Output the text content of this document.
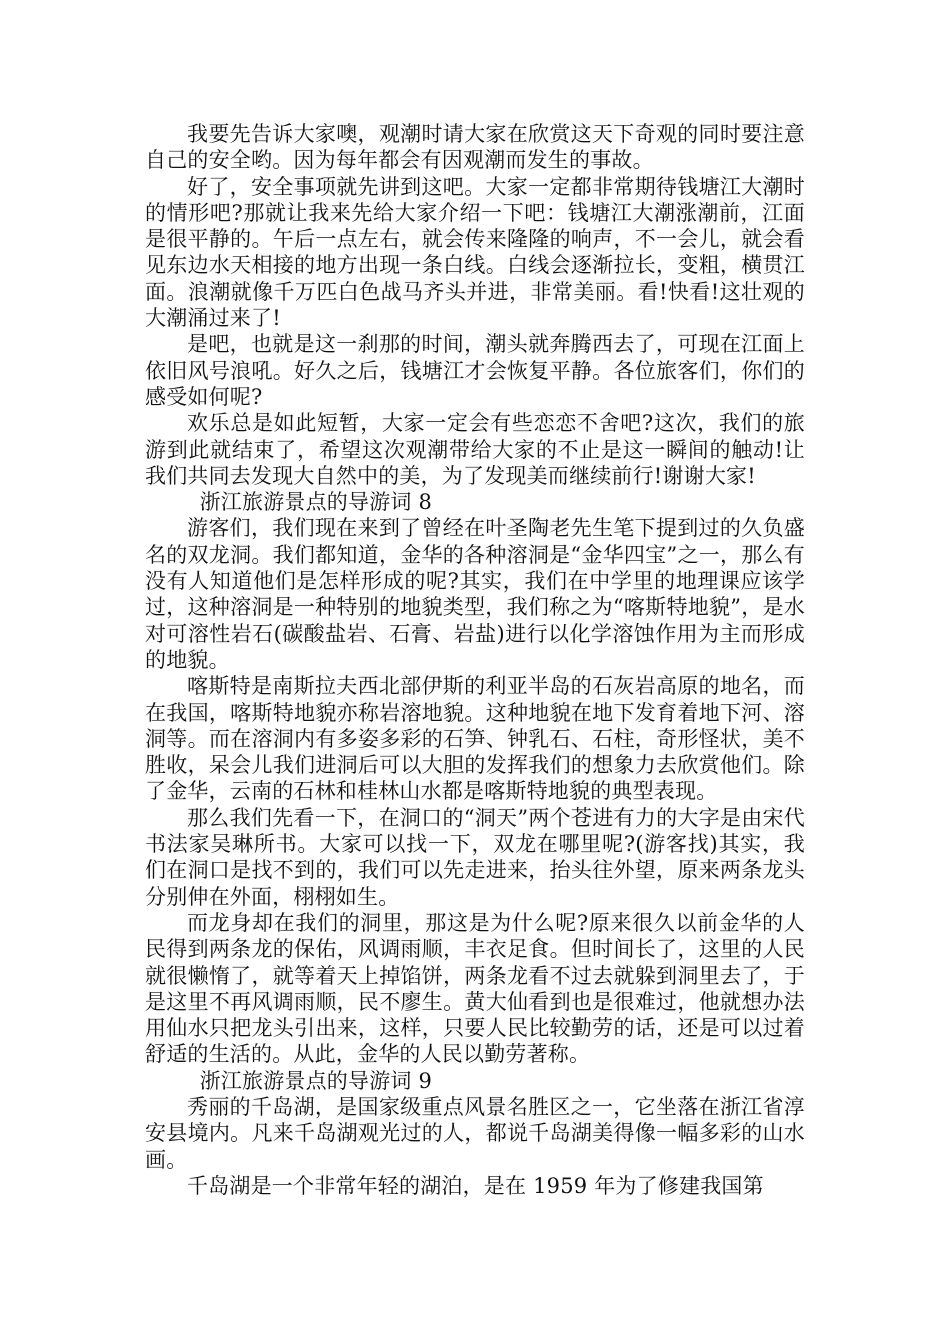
我要先告诉大家噢，观潮时请大家在欣赏这天下奇观的同时要注意自己的安全哟。因为每年都会有因观潮而发生的事故。

好了，安全事项就先讲到这吧。大家一定都非常期待钱塘江大潮时的情形吧?那就让我来先给大家介绍一下吧：钱塘江大潮涨潮前，江面是很平静的。午后一点左右，就会传来隆隆的响声，不一会儿，就会看见东边水天相接的地方出现一条白线。白线会逐渐拉长，变粗，横贯江面。浪潮就像千万匹白色战马齐头并进，非常美丽。看!快看!这壮观的大潮涌过来了!

是吧，也就是这一刹那的时间，潮头就奔腾西去了，可现在江面上依旧风号浪吼。好久之后，钱塘江才会恢复平静。各位旅客们，你们的感受如何呢?

欢乐总是如此短暂，大家一定会有些恋恋不舍吧?这次，我们的旅游到此就结束了，希望这次观潮带给大家的不止是这一瞬间的触动!让我们共同去发现大自然中的美，为了发现美而继续前行!谢谢大家!

浙江旅游景点的导游词 8

游客们，我们现在来到了曾经在叶圣陶老先生笔下提到过的久负盛名的双龙洞。我们都知道，金华的各种溶洞是“金华四宝”之一，那么有没有人知道他们是怎样形成的呢?其实，我们在中学里的地理课应该学过，这种溶洞是一种特别的地貌类型，我们称之为“喀斯特地貌”，是水对可溶性岩石(碳酸盐岩、石膏、岩盐)进行以化学溶蚀作用为主而形成的地貌。

喀斯特是南斯拉夫西北部伊斯的利亚半岛的石灰岩高原的地名，而在我国，喀斯特地貌亦称岩溶地貌。这种地貌在地下发育着地下河、溶洞等。而在溶洞内有多姿多彩的石笋、钟乳石、石柱，奇形怪状，美不胜收，呆会儿我们进洞后可以大胆的发挥我们的想象力去欣赏他们。除了金华，云南的石林和桂林山水都是喀斯特地貌的典型表现。

那么我们先看一下，在洞口的“洞天”两个苍进有力的大字是由宋代书法家吴琳所书。大家可以找一下，双龙在哪里呢?(游客找)其实，我们在洞口是找不到的，我们可以先走进来，抬头往外望，原来两条龙头分别伸在外面，栩栩如生。

而龙身却在我们的洞里，那这是为什么呢?原来很久以前金华的人民得到两条龙的保佑，风调雨顺，丰衣足食。但时间长了，这里的人民就很懒惰了，就等着天上掉馅饼，两条龙看不过去就躲到洞里去了，于是这里不再风调雨顺，民不廖生。黄大仙看到也是很难过，他就想办法用仙水只把龙头引出来，这样，只要人民比较勤劳的话，还是可以过着舒适的生活的。从此，金华的人民以勤劳著称。

浙江旅游景点的导游词 9

秀丽的千岛湖，是国家级重点风景名胜区之一，它坐落在浙江省淳安县境内。凡来千岛湖观光过的人，都说千岛湖美得像一幅多彩的山水画。

千岛湖是一个非常年轻的湖泊，是在 1959 年为了修建我国第
